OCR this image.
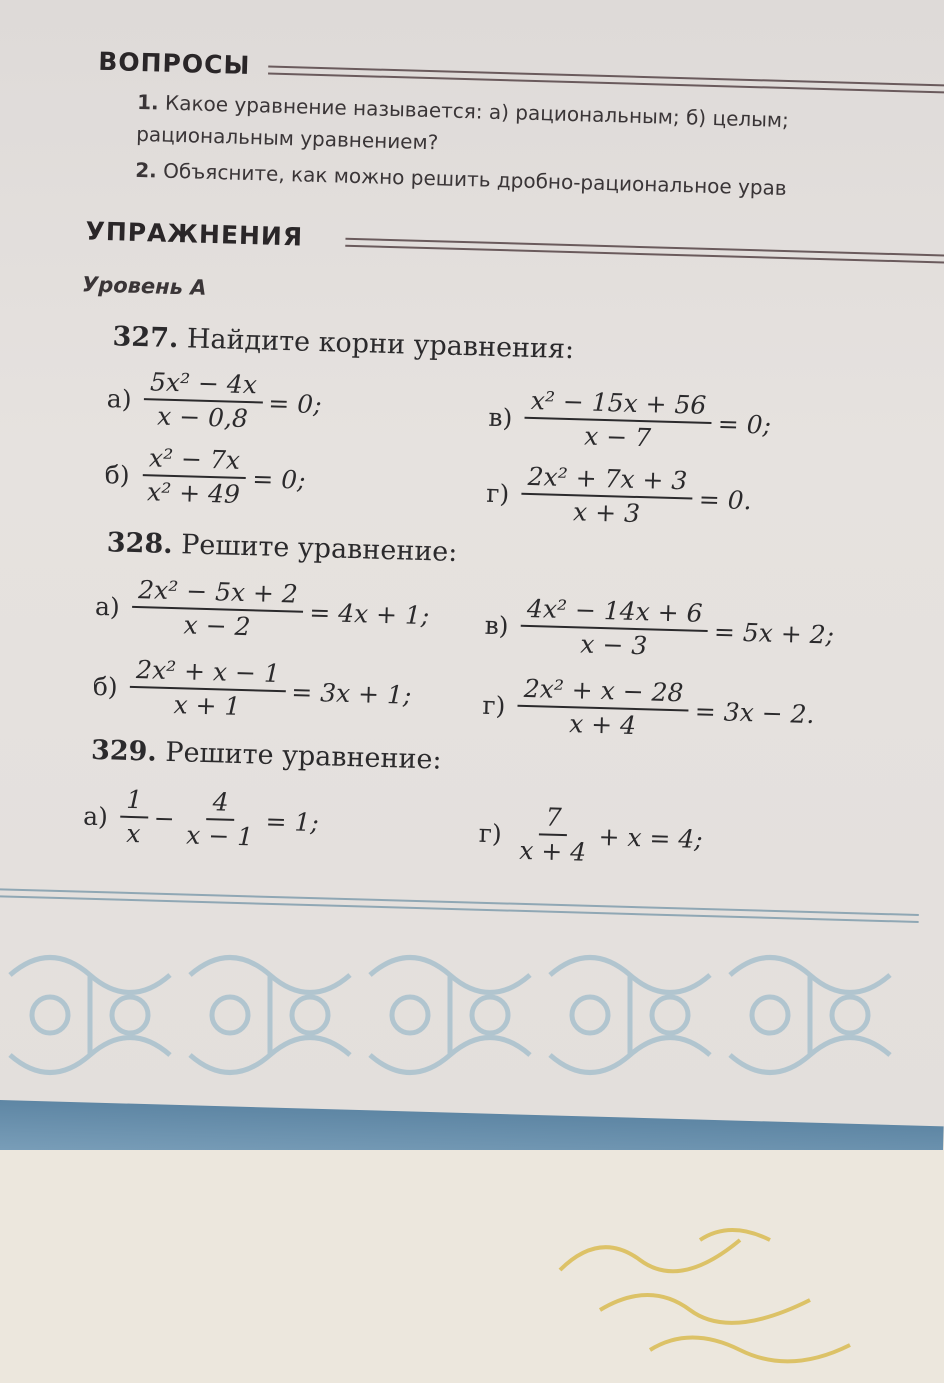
ВОПРОСЫ
1. Какое уравнение называется: а) рациональным; б) целым;
рациональным уравнением?
2. Объясните, как можно решить дробно-рациональное урав
УПРАЖНЕНИЯ
Уровень А
327. Найдите корни уравнения:
$а) \frac{\text{5x² − 4x}}{x - 0,8} = 0$;
$б) \frac{\text{x² − 7x}}{\text{x² + 49}} = 0$;
$в) \frac{\text{x² − 15x + 56}}{x - 7} = 0$;
$г) \frac{\text{2x² + 7x + 3}}{x + 3} = 0$.
328. Решите уравнение:
$а) \frac{\text{2x² − 5x + 2}}{x - 2} = 4x + 1$;
$б) \frac{\text{2x² + x − 1}}{x + 1} = 3x + 1$;
$в) \frac{\text{4x² − 14x + 6}}{x - 3} = 5x + 2$;
$г) \frac{\text{2x² + x − 28}}{x + 4} = 3x - 2$.
329. Решите уравнение:
$а) \frac{1}{x} - \frac{4}{x - 1} = 1$;	$г) \frac{7}{x + 4} + x = 4$;
